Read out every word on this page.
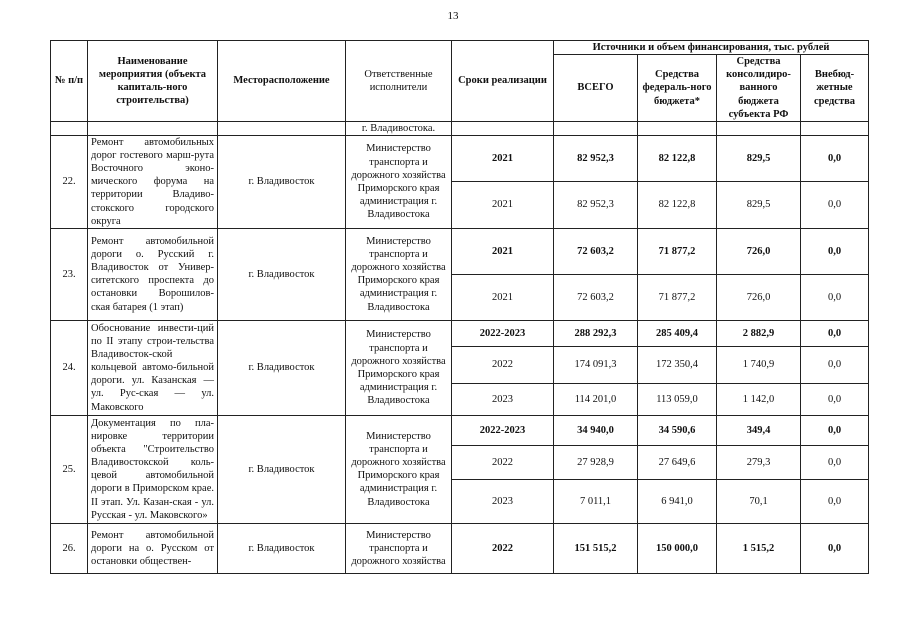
13
№ п/п	Наименование мероприятия (объекта капиталь-ного строительства)	Месторасположение	Ответственные исполнители	Сроки реализации	Источники и объем финансирования, тыс. рублей			
					ВСЕГО	Средства федераль-ного бюджета*	Средства консолидиро-ванного бюджета субъекта РФ	Внебюд-жетные средства
			г. Владивостока.					
22.	Ремонт автомобильных дорог гостевого марш-рута Восточного эконо-мического форума на территории Владиво-стокского городского округа	г. Владивосток	Министерство транспорта и дорожного хозяйства Приморского края администрация г. Владивостока	2021	82 952,3	82 122,8	829,5	0,0
				2021	82 952,3	82 122,8	829,5	0,0
23.	Ремонт автомобильной дороги о. Русский г. Владивосток от Универ-ситетского проспекта до остановки Ворошилов-ская батарея (1 этап)	г. Владивосток	Министерство транспорта и дорожного хозяйства Приморского края администрация г. Владивостока	2021	72 603,2	71 877,2	726,0	0,0
				2021	72 603,2	71 877,2	726,0	0,0
24.	Обоснование инвести-ций по II этапу строи-тельства Владивосток-ской кольцевой автомо-бильной дороги. ул. Казанская — ул. Рус-ская — ул. Маковского	г. Владивосток	Министерство транспорта и дорожного хозяйства Приморского края администрация г. Владивостока	2022-2023	288 292,3	285 409,4	2 882,9	0,0
				2022	174 091,3	172 350,4	1 740,9	0,0
				2023	114 201,0	113 059,0	1 142,0	0,0
25.	Документация по пла-нировке территории объекта "Строительство Владивостокской коль-цевой автомобильной дороги в Приморском крае. II этап. Ул. Казан-ская - ул. Русская - ул. Маковского»	г. Владивосток	Министерство транспорта и дорожного хозяйства Приморского края администрация г. Владивостока	2022-2023	34 940,0	34 590,6	349,4	0,0
				2022	27 928,9	27 649,6	279,3	0,0
				2023	7 011,1	6 941,0	70,1	0,0
26.	Ремонт автомобильной дороги на о. Русском от остановки обществен-	г. Владивосток	Министерство транспорта и дорожного хозяйства	2022	151 515,2	150 000,0	1 515,2	0,0
